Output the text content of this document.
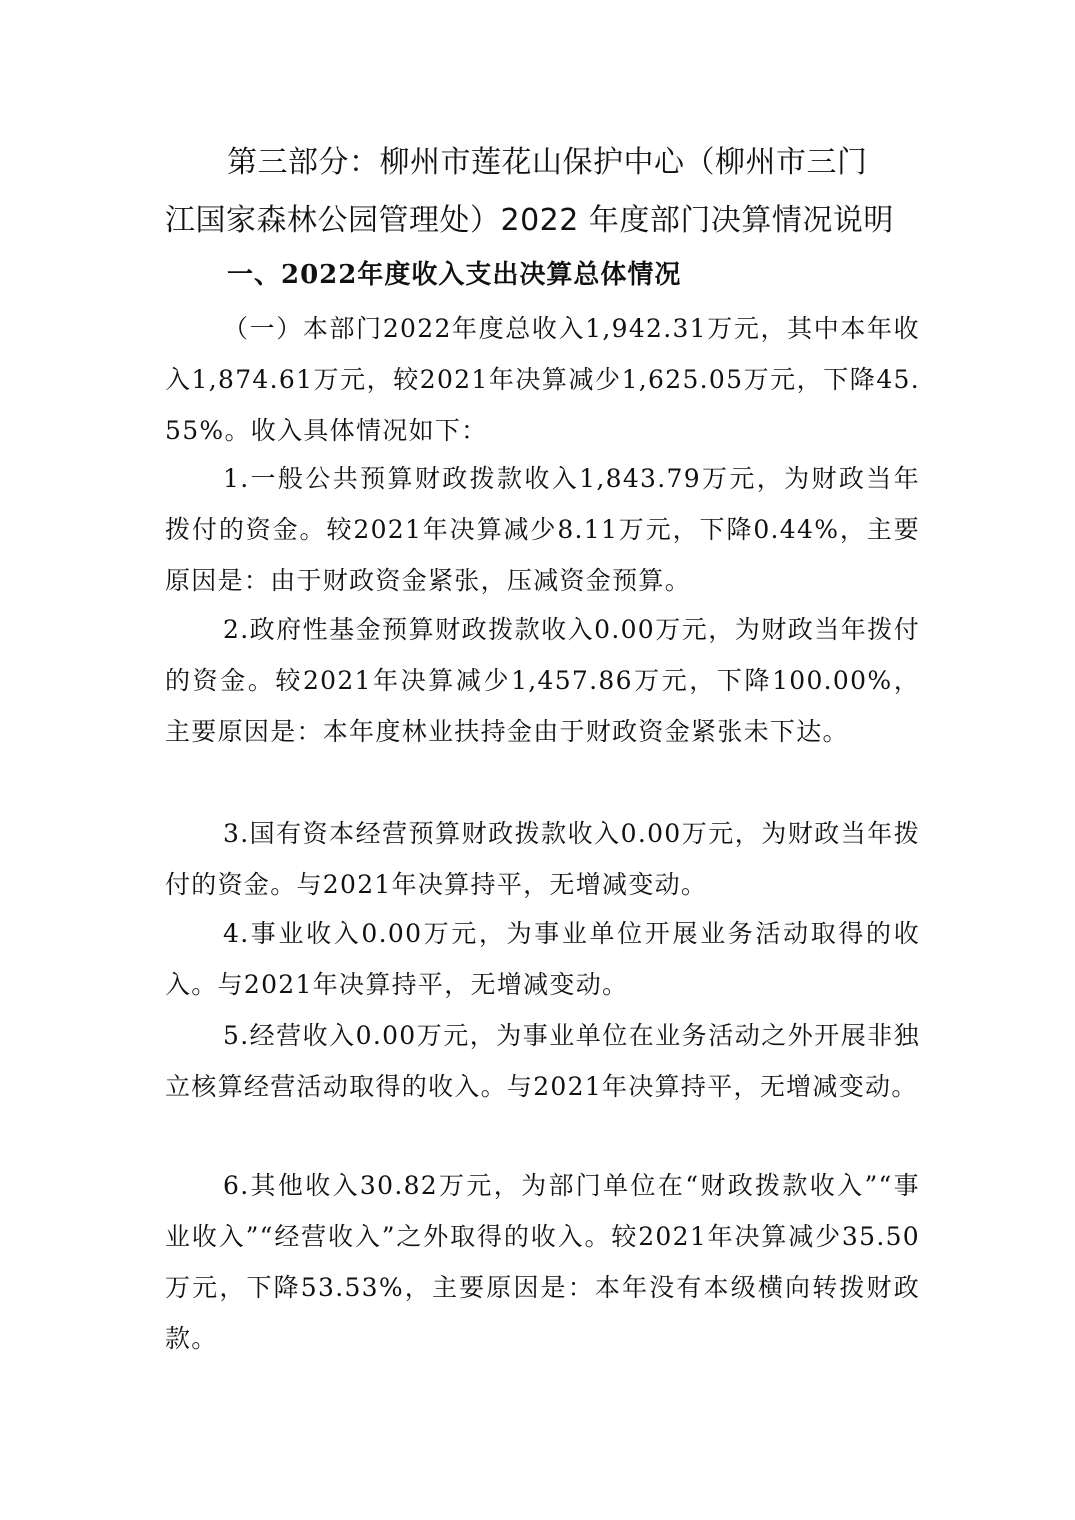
第三部分：柳州市莲花山保护中心（柳州市三门
江国家森林公园管理处）2022 年度部门决算情况说明
一、2022年度收入支出决算总体情况

（一）本部门2022年度总收入1,942.31万元，其中本年收入1,874.61万元，较2021年决算减少1,625.05万元，下降45.55%。收入具体情况如下：

1.一般公共预算财政拨款收入1,843.79万元，为财政当年拨付的资金。较2021年决算减少8.11万元，下降0.44%，主要原因是：由于财政资金紧张，压减资金预算。

2.政府性基金预算财政拨款收入0.00万元，为财政当年拨付的资金。较2021年决算减少1,457.86万元，下降100.00%，主要原因是：本年度林业扶持金由于财政资金紧张未下达。

3.国有资本经营预算财政拨款收入0.00万元，为财政当年拨付的资金。与2021年决算持平，无增减变动。

4.事业收入0.00万元，为事业单位开展业务活动取得的收入。与2021年决算持平，无增减变动。

5.经营收入0.00万元，为事业单位在业务活动之外开展非独立核算经营活动取得的收入。与2021年决算持平，无增减变动。

6.其他收入30.82万元，为部门单位在“财政拨款收入”“事业收入”“经营收入”之外取得的收入。较2021年决算减少35.50万元，下降53.53%，主要原因是：本年没有本级横向转拨财政款。
